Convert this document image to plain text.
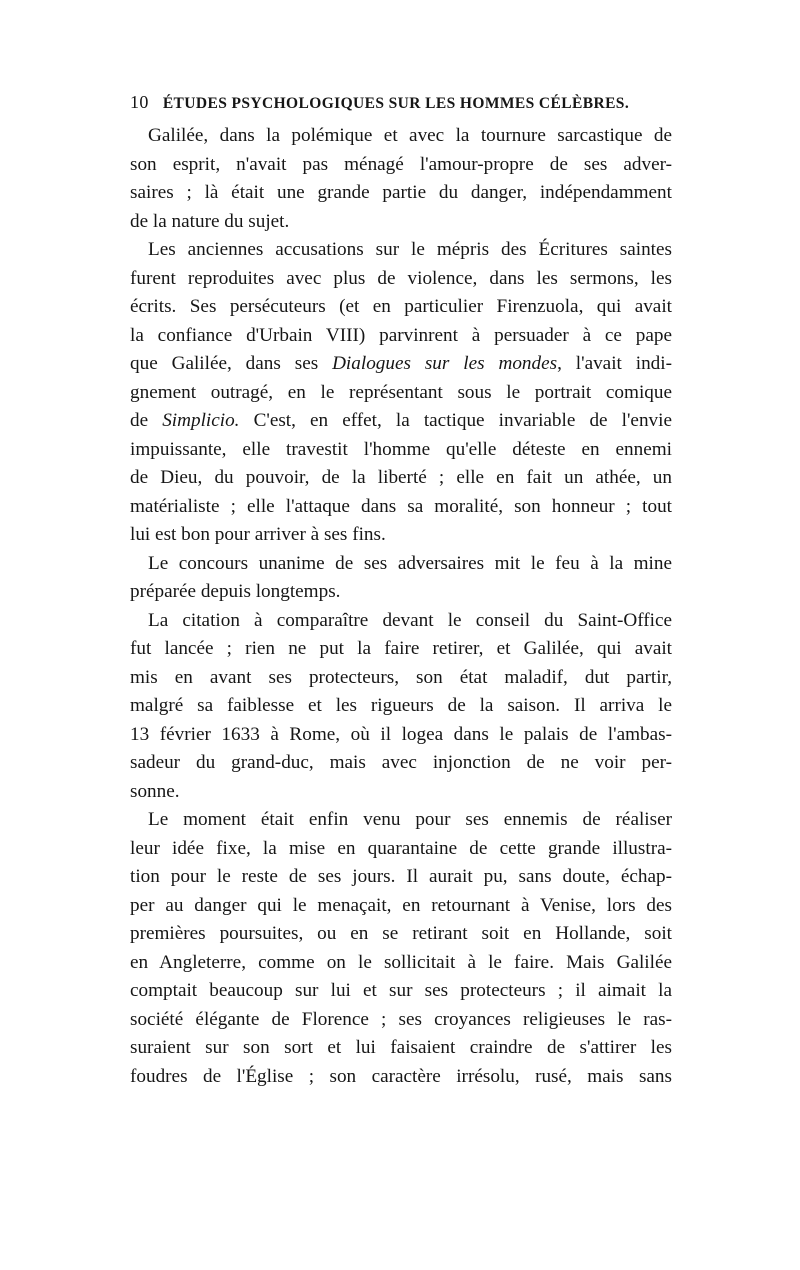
10 ÉTUDES PSYCHOLOGIQUES SUR LES HOMMES CÉLÈBRES.
Galilée, dans la polémique et avec la tournure sarcastique de
son esprit, n'avait pas ménagé l'amour-propre de ses adver-
saires ; là était une grande partie du danger, indépendamment
de la nature du sujet.
Les anciennes accusations sur le mépris des Écritures saintes
furent reproduites avec plus de violence, dans les sermons, les
écrits. Ses persécuteurs (et en particulier Firenzuola, qui avait
la confiance d'Urbain VIII) parvinrent à persuader à ce pape
que Galilée, dans ses Dialogues sur les mondes, l'avait indi-
gnement outragé, en le représentant sous le portrait comique
de Simplicio. C'est, en effet, la tactique invariable de l'envie
impuissante, elle travestit l'homme qu'elle déteste en ennemi
de Dieu, du pouvoir, de la liberté ; elle en fait un athée, un
matérialiste ; elle l'attaque dans sa moralité, son honneur ; tout
lui est bon pour arriver à ses fins.
Le concours unanime de ses adversaires mit le feu à la mine
préparée depuis longtemps.
La citation à comparaître devant le conseil du Saint-Office
fut lancée ; rien ne put la faire retirer, et Galilée, qui avait
mis en avant ses protecteurs, son état maladif, dut partir,
malgré sa faiblesse et les rigueurs de la saison. Il arriva le
13 février 1633 à Rome, où il logea dans le palais de l'ambas-
sadeur du grand-duc, mais avec injonction de ne voir per-
sonne.
Le moment était enfin venu pour ses ennemis de réaliser
leur idée fixe, la mise en quarantaine de cette grande illustra-
tion pour le reste de ses jours. Il aurait pu, sans doute, échap-
per au danger qui le menaçait, en retournant à Venise, lors des
premières poursuites, ou en se retirant soit en Hollande, soit
en Angleterre, comme on le sollicitait à le faire. Mais Galilée
comptait beaucoup sur lui et sur ses protecteurs ; il aimait la
société élégante de Florence ; ses croyances religieuses le ras-
suraient sur son sort et lui faisaient craindre de s'attirer les
foudres de l'Église ; son caractère irrésolu, rusé, mais sans
